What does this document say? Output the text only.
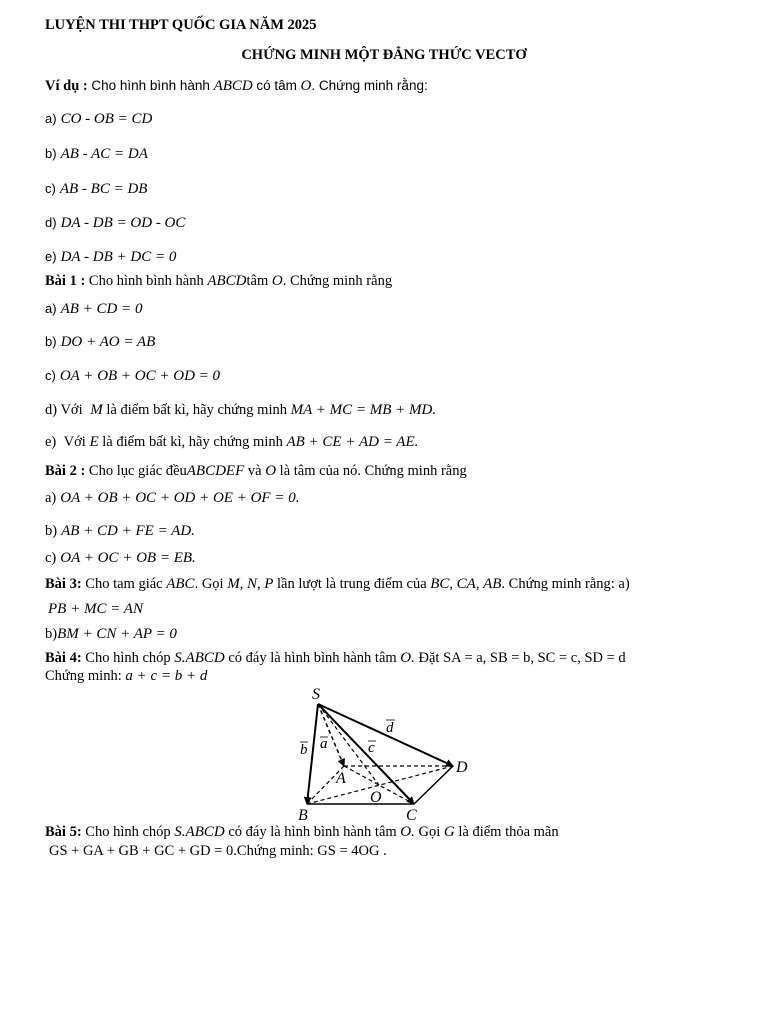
LUYỆN THI THPT QUỐC GIA NĂM 2025
CHỨNG MINH MỘT ĐẲNG THỨC VECTƠ
Ví dụ : Cho hình bình hành ABCD có tâm O. Chứng minh rằng:
a) CO - OB = CD
b) AB - AC = DA
c) AB - BC = DB
d) DA - DB = OD - OC
e) DA - DB + DC = 0
Bài 1 : Cho hình bình hành ABCDtâm O. Chứng minh rằng
a) AB + CD = 0
b) DO + AO = AB
c) OA + OB + OC + OD = 0
d) Với M là điểm bất kì, hãy chứng minh MA + MC = MB + MD.
e) Với E là điểm bất kì, hãy chứng minh AB + CE + AD = AE.
Bài 2 : Cho lục giác đềuABCDEF và O là tâm của nó. Chứng minh rằng
a) OA + OB + OC + OD + OE + OF = 0.
b) AB + CD + FE = AD.
c) OA + OC + OB = EB.
Bài 3: Cho tam giác ABC. Gọi M, N, P lần lượt là trung điểm của BC, CA, AB. Chứng minh rằng: a)
PB + MC = AN
b)BM + CN + AP = 0
Bài 4: Cho hình chóp S.ABCD có đáy là hình bình hành tâm O. Đặt SA = a, SB = b, SC = c, SD = d
Chứng minh: a + c = b + d
S
A
B	C
D
O
b a	c
d
Bài 5: Cho hình chóp S.ABCD có đáy là hình bình hành tâm O. Gọi G là điểm thỏa mãn
GS + GA + GB + GC + GD = 0.Chứng minh: GS = 4OG .
